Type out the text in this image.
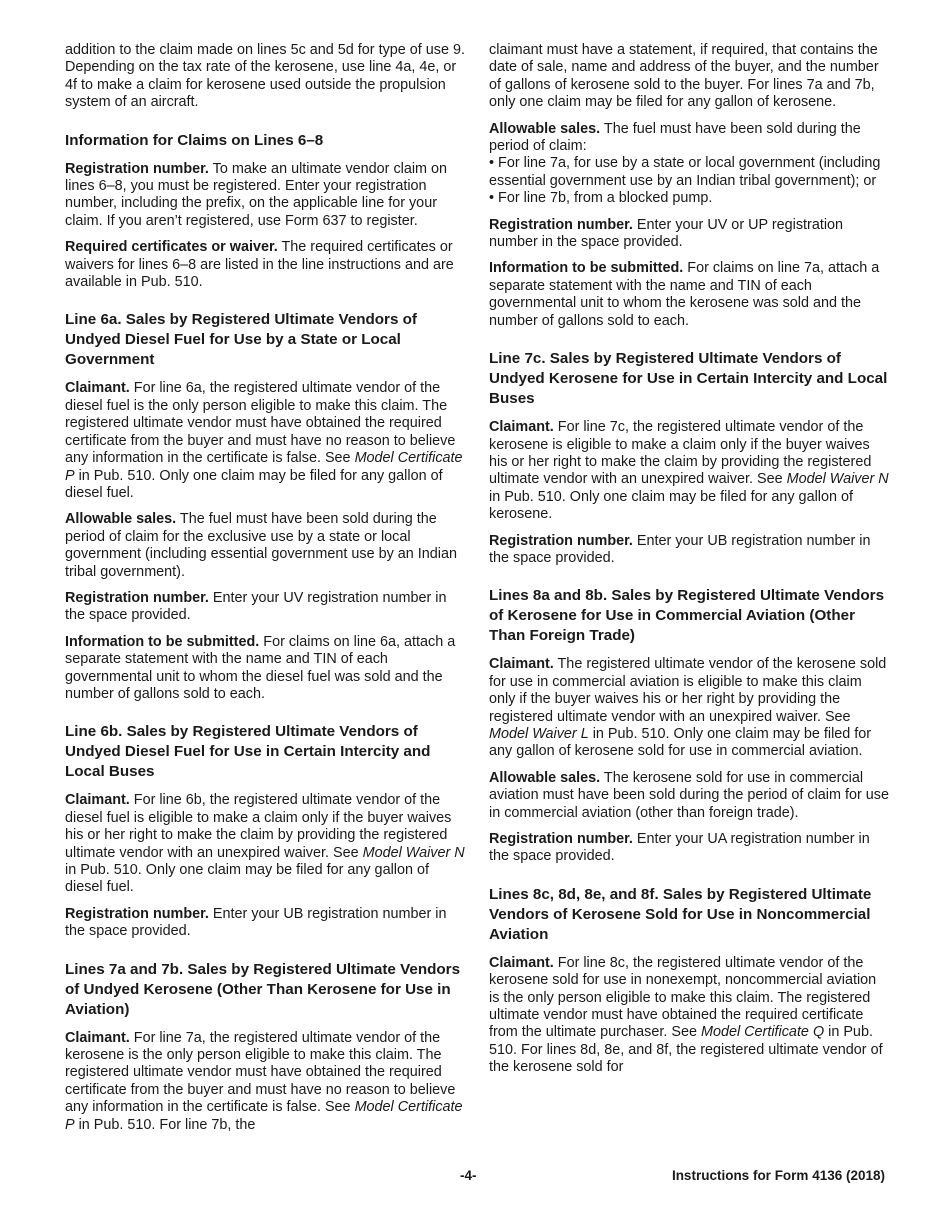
addition to the claim made on lines 5c and 5d for type of use 9. Depending on the tax rate of the kerosene, use line 4a, 4e, or 4f to make a claim for kerosene used outside the propulsion system of an aircraft.

Information for Claims on Lines 6–8

Registration number. To make an ultimate vendor claim on lines 6–8, you must be registered. Enter your registration number, including the prefix, on the applicable line for your claim. If you aren’t registered, use Form 637 to register.

Required certificates or waiver. The required certificates or waivers for lines 6–8 are listed in the line instructions and are available in Pub. 510.

Line 6a. Sales by Registered Ultimate Vendors of Undyed Diesel Fuel for Use by a State or Local Government

Claimant. For line 6a, the registered ultimate vendor of the diesel fuel is the only person eligible to make this claim. The registered ultimate vendor must have obtained the required certificate from the buyer and must have no reason to believe any information in the certificate is false. See Model Certificate P in Pub. 510. Only one claim may be filed for any gallon of diesel fuel.

Allowable sales. The fuel must have been sold during the period of claim for the exclusive use by a state or local government (including essential government use by an Indian tribal government).

Registration number. Enter your UV registration number in the space provided.

Information to be submitted. For claims on line 6a, attach a separate statement with the name and TIN of each governmental unit to whom the diesel fuel was sold and the number of gallons sold to each.

Line 6b. Sales by Registered Ultimate Vendors of Undyed Diesel Fuel for Use in Certain Intercity and Local Buses

Claimant. For line 6b, the registered ultimate vendor of the diesel fuel is eligible to make a claim only if the buyer waives his or her right to make the claim by providing the registered ultimate vendor with an unexpired waiver. See Model Waiver N in Pub. 510. Only one claim may be filed for any gallon of diesel fuel.

Registration number. Enter your UB registration number in the space provided.

Lines 7a and 7b. Sales by Registered Ultimate Vendors of Undyed Kerosene (Other Than Kerosene for Use in Aviation)

Claimant. For line 7a, the registered ultimate vendor of the kerosene is the only person eligible to make this claim. The registered ultimate vendor must have obtained the required certificate from the buyer and must have no reason to believe any information in the certificate is false. See Model Certificate P in Pub. 510. For line 7b, the

claimant must have a statement, if required, that contains the date of sale, name and address of the buyer, and the number of gallons of kerosene sold to the buyer. For lines 7a and 7b, only one claim may be filed for any gallon of kerosene.

Allowable sales. The fuel must have been sold during the period of claim:
• For line 7a, for use by a state or local government (including essential government use by an Indian tribal government); or
• For line 7b, from a blocked pump.

Registration number. Enter your UV or UP registration number in the space provided.

Information to be submitted. For claims on line 7a, attach a separate statement with the name and TIN of each governmental unit to whom the kerosene was sold and the number of gallons sold to each.

Line 7c. Sales by Registered Ultimate Vendors of Undyed Kerosene for Use in Certain Intercity and Local Buses

Claimant. For line 7c, the registered ultimate vendor of the kerosene is eligible to make a claim only if the buyer waives his or her right to make the claim by providing the registered ultimate vendor with an unexpired waiver. See Model Waiver N in Pub. 510. Only one claim may be filed for any gallon of kerosene.

Registration number. Enter your UB registration number in the space provided.

Lines 8a and 8b. Sales by Registered Ultimate Vendors of Kerosene for Use in Commercial Aviation (Other Than Foreign Trade)

Claimant. The registered ultimate vendor of the kerosene sold for use in commercial aviation is eligible to make this claim only if the buyer waives his or her right by providing the registered ultimate vendor with an unexpired waiver. See Model Waiver L in Pub. 510. Only one claim may be filed for any gallon of kerosene sold for use in commercial aviation.

Allowable sales. The kerosene sold for use in commercial aviation must have been sold during the period of claim for use in commercial aviation (other than foreign trade).

Registration number. Enter your UA registration number in the space provided.

Lines 8c, 8d, 8e, and 8f. Sales by Registered Ultimate Vendors of Kerosene Sold for Use in Noncommercial Aviation

Claimant. For line 8c, the registered ultimate vendor of the kerosene sold for use in nonexempt, noncommercial aviation is the only person eligible to make this claim. The registered ultimate vendor must have obtained the required certificate from the ultimate purchaser. See Model Certificate Q in Pub. 510. For lines 8d, 8e, and 8f, the registered ultimate vendor of the kerosene sold for

-4-	Instructions for Form 4136 (2018)
